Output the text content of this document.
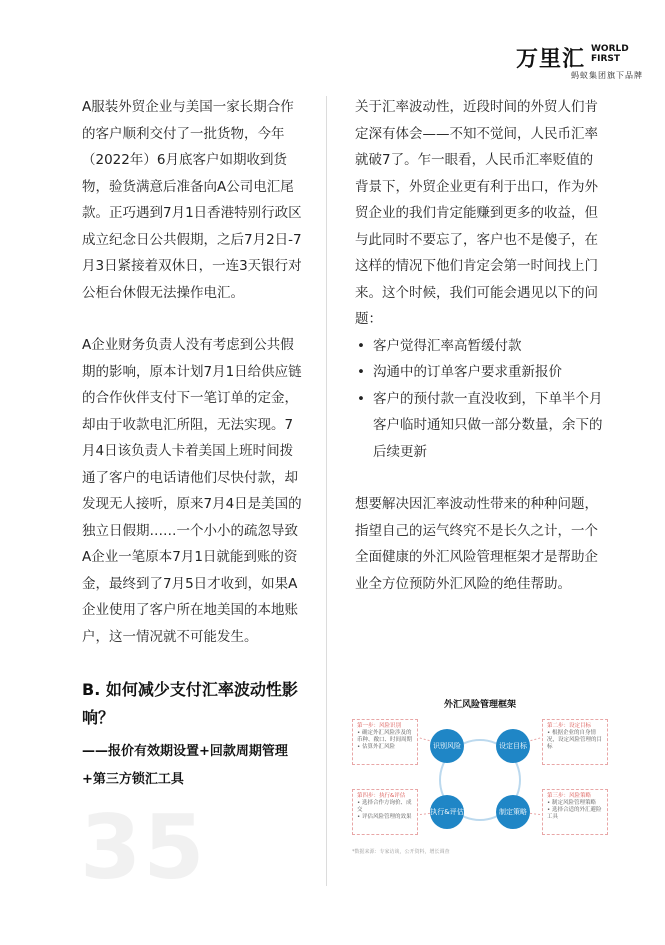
万里汇 WORLD
FIRST
蚂蚁集团旗下品牌
35

A服装外贸企业与美国一家长期合作的客户顺利交付了一批货物，今年（2022年）6月底客户如期收到货物，验货满意后准备向A公司电汇尾款。正巧遇到7月1日香港特别行政区成立纪念日公共假期，之后7月2日-7月3日紧接着双休日，一连3天银行对公柜台休假无法操作电汇。

A企业财务负责人没有考虑到公共假期的影响，原本计划7月1日给供应链的合作伙伴支付下一笔订单的定金，却由于收款电汇所阻，无法实现。7月4日该负责人卡着美国上班时间拨通了客户的电话请他们尽快付款，却发现无人接听，原来7月4日是美国的独立日假期……一个小小的疏忽导致A企业一笔原本7月1日就能到账的资金，最终到了7月5日才收到，如果A企业使用了客户所在地美国的本地账户，这一情况就不可能发生。

B. 如何减少支付汇率波动性影响？

——报价有效期设置+回款周期管理+第三方锁汇工具

关于汇率波动性，近段时间的外贸人们肯定深有体会——不知不觉间，人民币汇率就破7了。乍一眼看，人民币汇率贬值的背景下，外贸企业更有利于出口，作为外贸企业的我们肯定能赚到更多的收益，但与此同时不要忘了，客户也不是傻子，在这样的情况下他们肯定会第一时间找上门来。这个时候，我们可能会遇见以下的问题：

• 客户觉得汇率高暂缓付款
• 沟通中的订单客户要求重新报价
• 客户的预付款一直没收到，下单半个月客户临时通知只做一部分数量，余下的后续更新

想要解决因汇率波动性带来的种种问题，指望自己的运气终究不是长久之计，一个全面健康的外汇风险管理框架才是帮助企业全方位预防外汇风险的绝佳帮助。

外汇风险管理框架
第一步：风险识别
• 确定外汇风险涉及的币种、敞口、时间周期
• 估算外汇风险
第二步：设定目标
• 根据企业的自身情况，设定风险管理的目标
第四步：执行&评估
• 选择合作方询价、成交
• 评估风险管理的效果
第三步：风险策略
• 制定风险管理策略
• 选择合适的外汇避险工具
识别风险	设定目标
执行&评估	制定策略
*数据来源：专家访谈，公开资料，增长调查
